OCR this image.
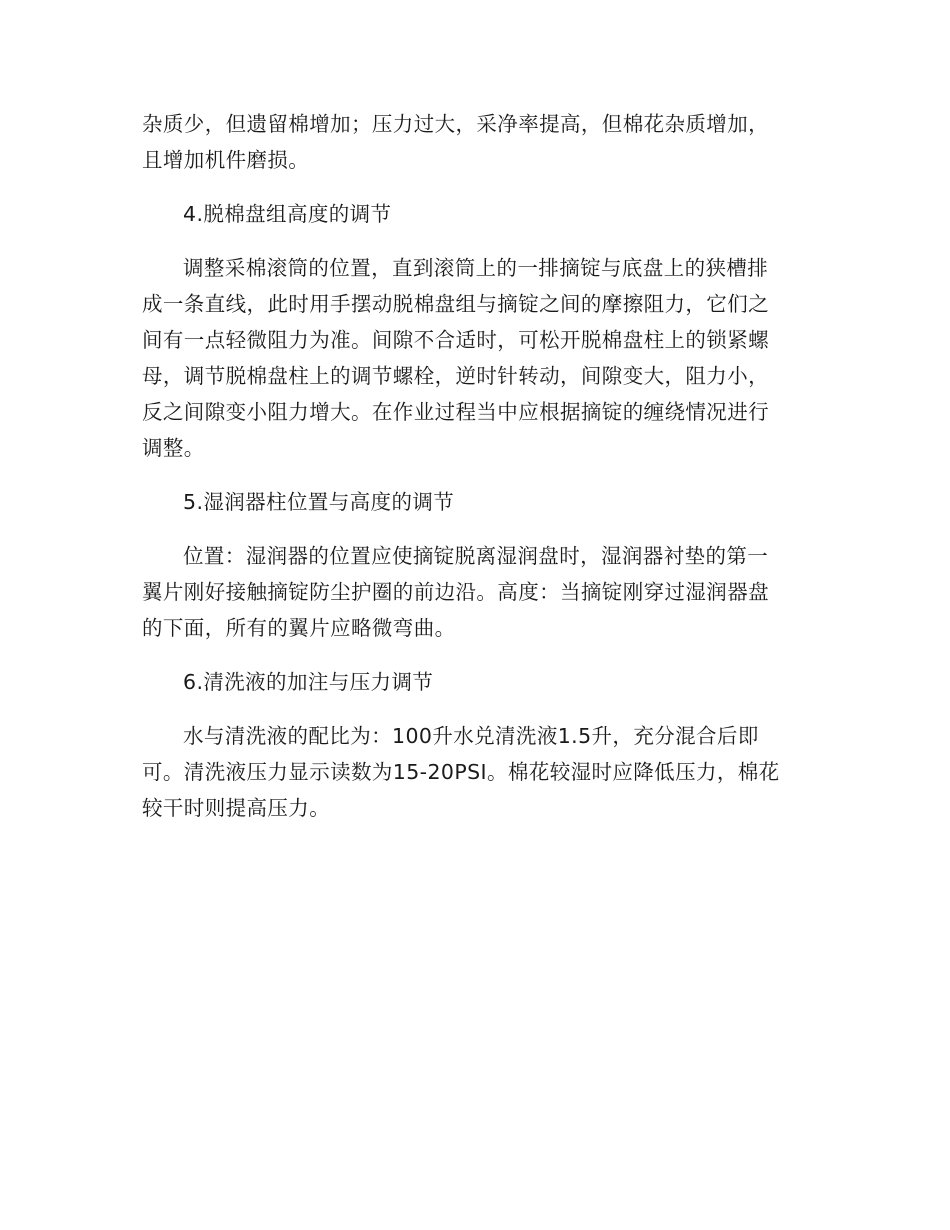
杂质少，但遗留棉增加；压力过大，采净率提高，但棉花杂质增加，
且增加机件磨损。

4.脱棉盘组高度的调节

调整采棉滚筒的位置，直到滚筒上的一排摘锭与底盘上的狭槽排
成一条直线，此时用手摆动脱棉盘组与摘锭之间的摩擦阻力，它们之
间有一点轻微阻力为准。间隙不合适时，可松开脱棉盘柱上的锁紧螺
母，调节脱棉盘柱上的调节螺栓，逆时针转动，间隙变大，阻力小，
反之间隙变小阻力增大。在作业过程当中应根据摘锭的缠绕情况进行
调整。

5.湿润器柱位置与高度的调节

位置：湿润器的位置应使摘锭脱离湿润盘时，湿润器衬垫的第一
翼片刚好接触摘锭防尘护圈的前边沿。高度：当摘锭刚穿过湿润器盘
的下面，所有的翼片应略微弯曲。

6.清洗液的加注与压力调节

水与清洗液的配比为：100升水兑清洗液1.5升，充分混合后即
可。清洗液压力显示读数为15-20PSI。棉花较湿时应降低压力，棉花
较干时则提高压力。
